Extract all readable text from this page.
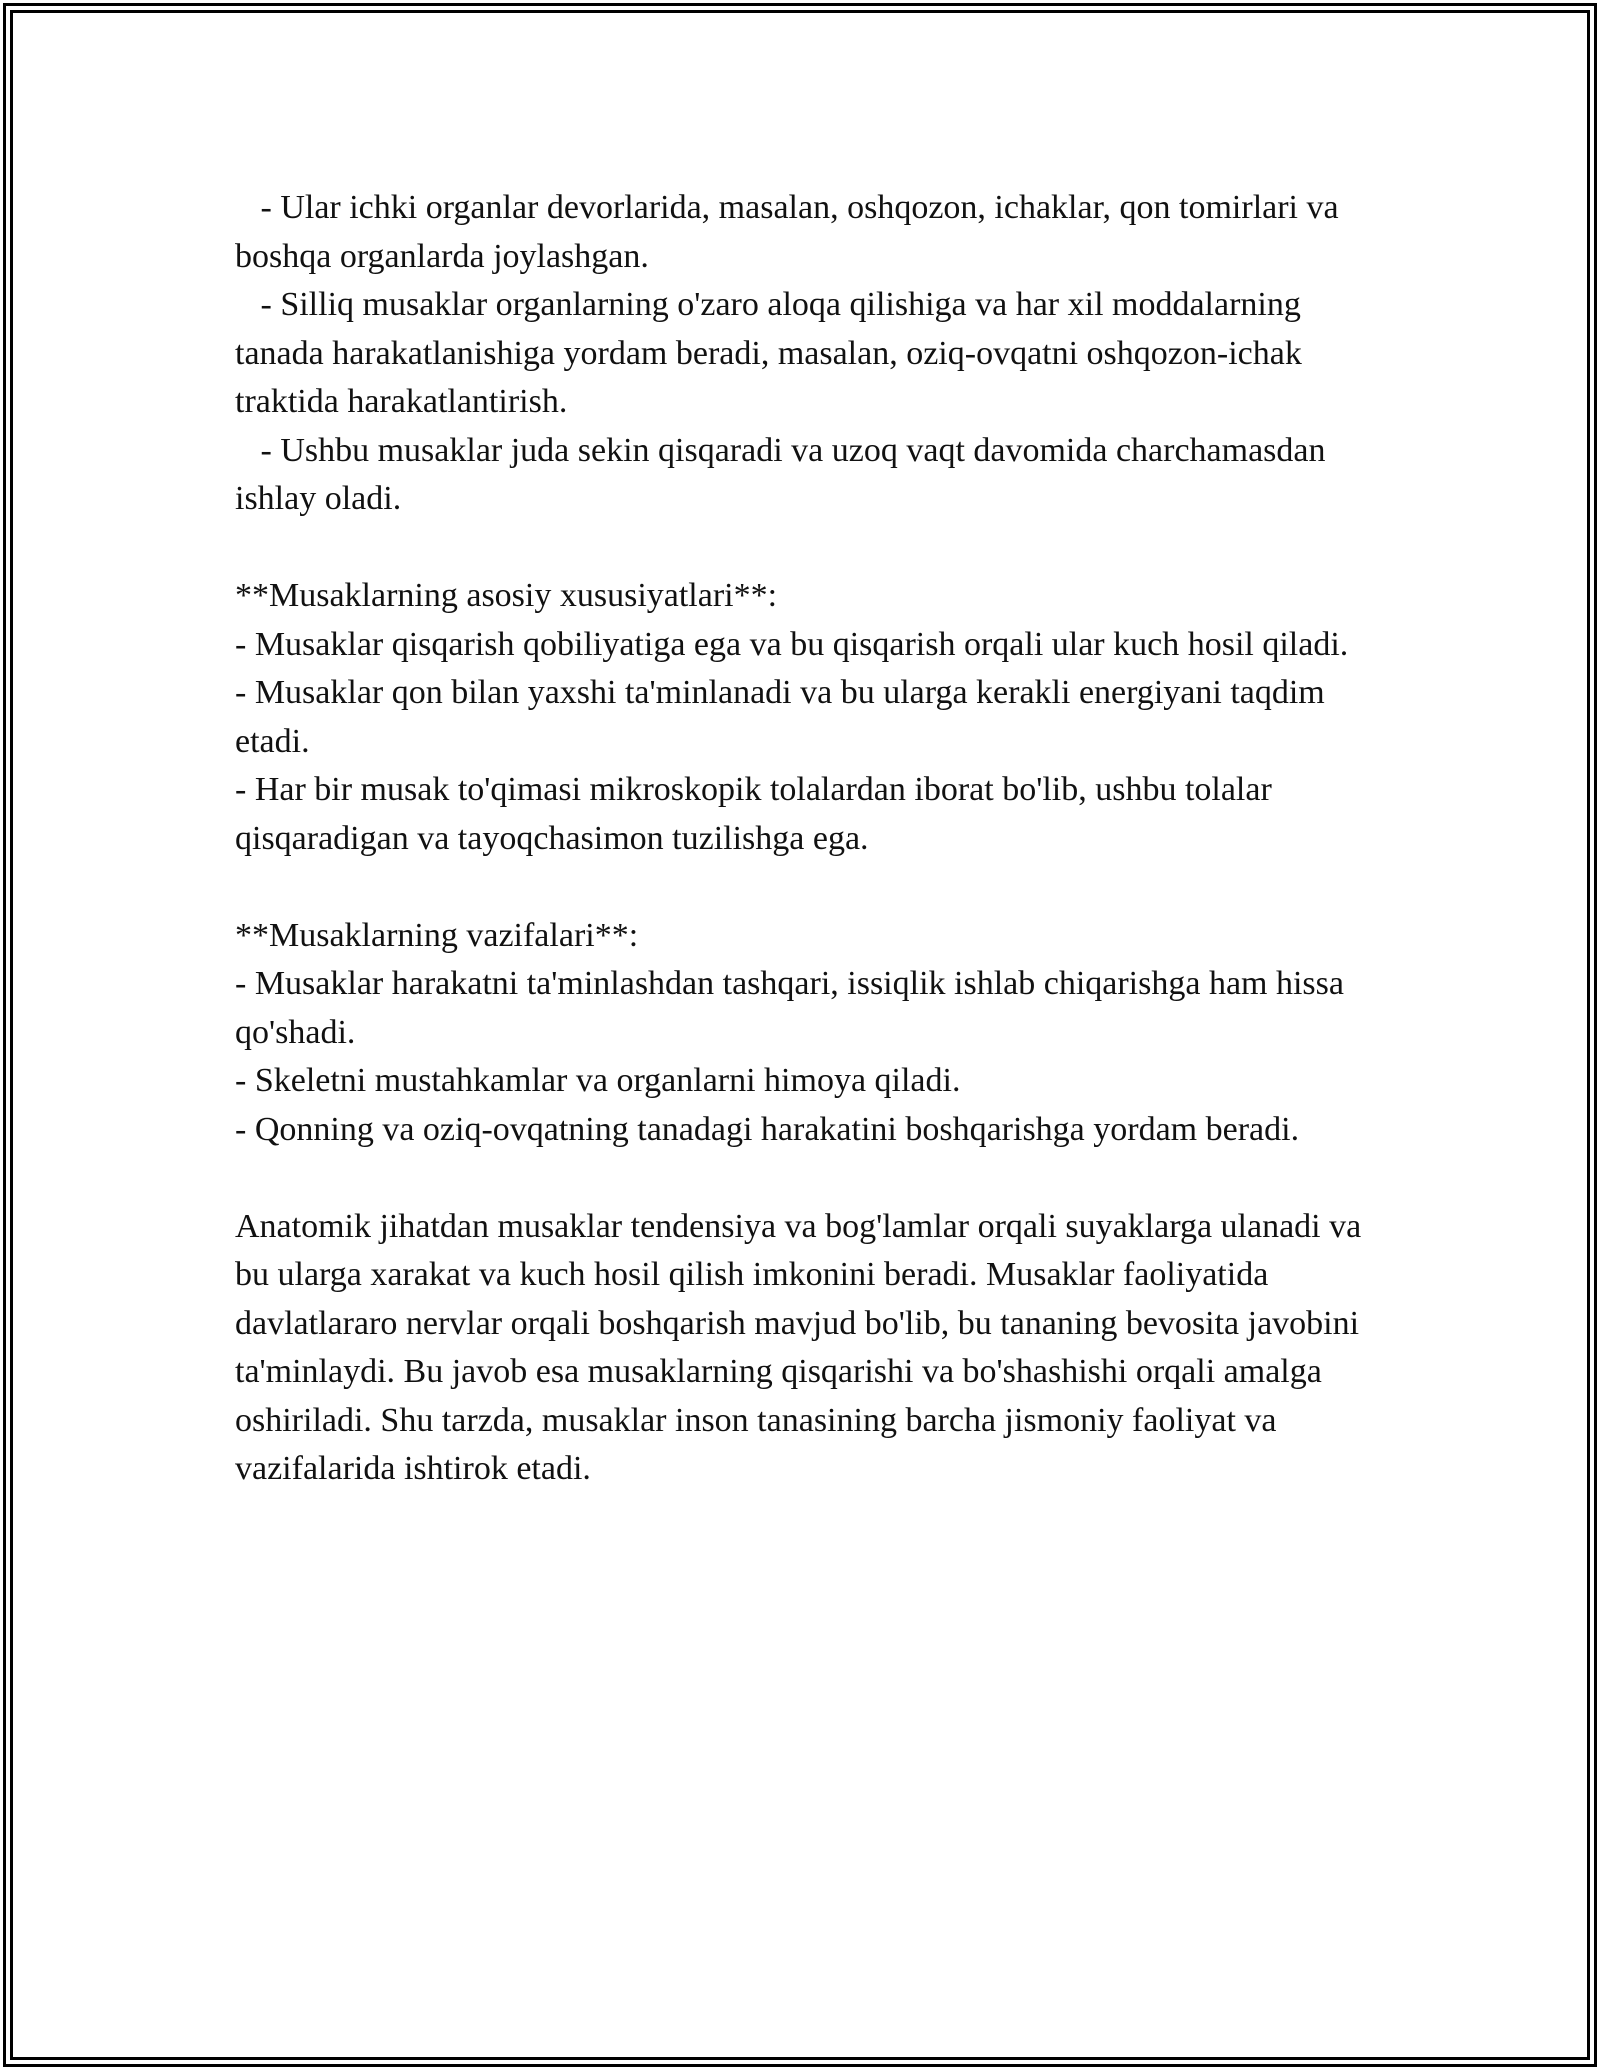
- Ular ichki organlar devorlarida, masalan, oshqozon, ichaklar, qon tomirlari va boshqa organlarda joylashgan.

- Silliq musaklar organlarning o'zaro aloqa qilishiga va har xil moddalarning tanada harakatlanishiga yordam beradi, masalan, oziq-ovqatni oshqozon-ichak traktida harakatlantirish.

- Ushbu musaklar juda sekin qisqaradi va uzoq vaqt davomida charchamasdan ishlay oladi.

**Musaklarning asosiy xususiyatlari**:

- Musaklar qisqarish qobiliyatiga ega va bu qisqarish orqali ular kuch hosil qiladi.

- Musaklar qon bilan yaxshi ta'minlanadi va bu ularga kerakli energiyani taqdim etadi.

- Har bir musak to'qimasi mikroskopik tolalardan iborat bo'lib, ushbu tolalar qisqaradigan va tayoqchasimon tuzilishga ega.

**Musaklarning vazifalari**:

- Musaklar harakatni ta'minlashdan tashqari, issiqlik ishlab chiqarishga ham hissa qo'shadi.

- Skeletni mustahkamlar va organlarni himoya qiladi.

- Qonning va oziq-ovqatning tanadagi harakatini boshqarishga yordam beradi.

Anatomik jihatdan musaklar tendensiya va bog'lamlar orqali suyaklarga ulanadi va bu ularga xarakat va kuch hosil qilish imkonini beradi. Musaklar faoliyatida davlatlararo nervlar orqali boshqarish mavjud bo'lib, bu tananing bevosita javobini ta'minlaydi. Bu javob esa musaklarning qisqarishi va bo'shashishi orqali amalga oshiriladi. Shu tarzda, musaklar inson tanasining barcha jismoniy faoliyat va vazifalarida ishtirok etadi.
